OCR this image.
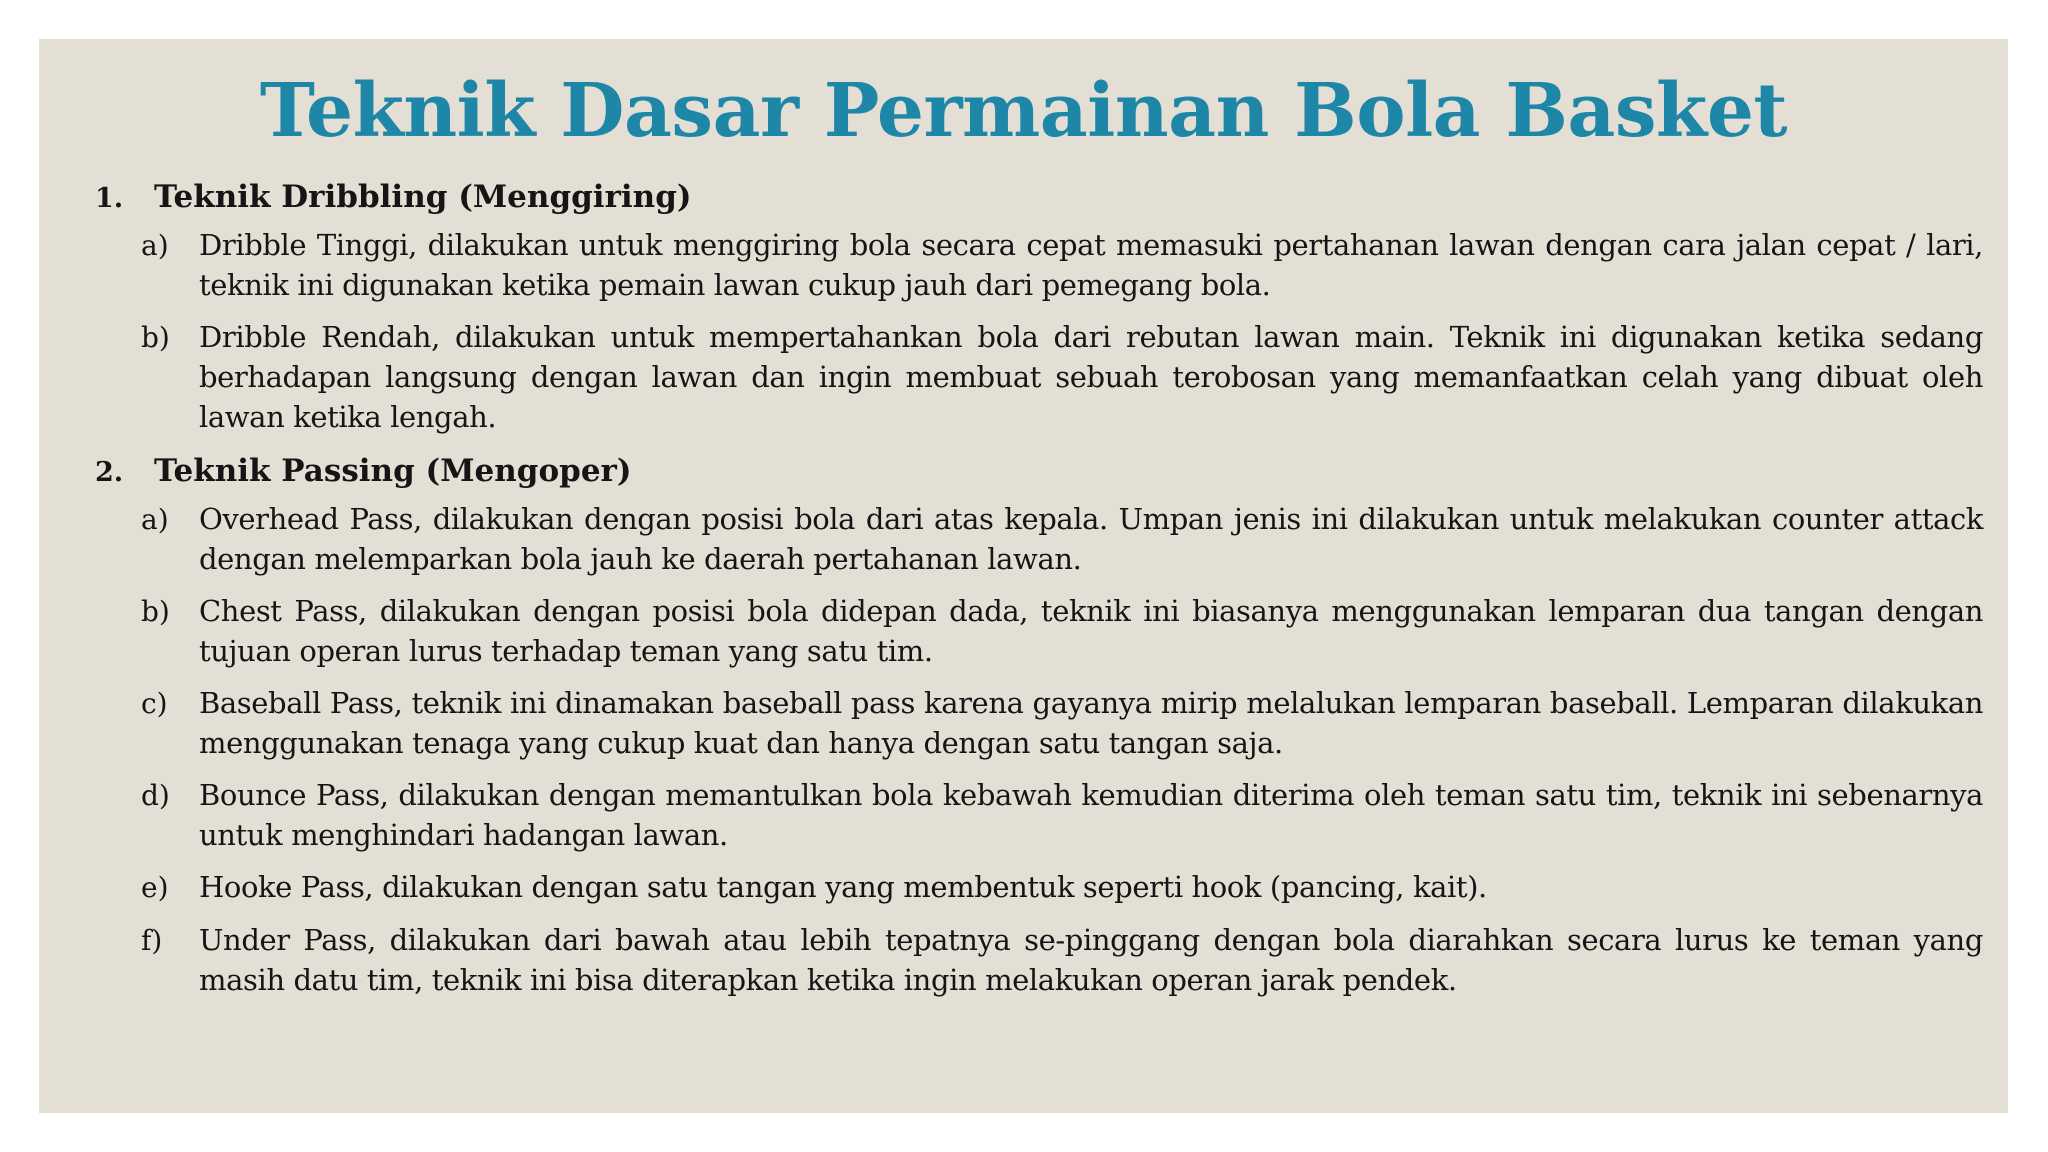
Teknik Dasar Permainan Bola Basket
1. Teknik Dribbling (Menggiring)
a)	Dribble Tinggi, dilakukan untuk menggiring bola secara cepat memasuki pertahanan lawan dengan cara jalan cepat / lari, teknik ini digunakan ketika pemain lawan cukup jauh dari pemegang bola.
b)	Dribble Rendah, dilakukan untuk mempertahankan bola dari rebutan lawan main. Teknik ini digunakan ketika sedang berhadapan langsung dengan lawan dan ingin membuat sebuah terobosan yang memanfaatkan celah yang dibuat oleh lawan ketika lengah.
2. Teknik Passing (Mengoper)
a)	Overhead Pass, dilakukan dengan posisi bola dari atas kepala. Umpan jenis ini dilakukan untuk melakukan counter attack dengan melemparkan bola jauh ke daerah pertahanan lawan.
b)	Chest Pass, dilakukan dengan posisi bola didepan dada, teknik ini biasanya menggunakan lemparan dua tangan dengan tujuan operan lurus terhadap teman yang satu tim.
c)	Baseball Pass, teknik ini dinamakan baseball pass karena gayanya mirip melalukan lemparan baseball. Lemparan dilakukan menggunakan tenaga yang cukup kuat dan hanya dengan satu tangan saja.
d)	Bounce Pass, dilakukan dengan memantulkan bola kebawah kemudian diterima oleh teman satu tim, teknik ini sebenarnya untuk menghindari hadangan lawan.
e)	Hooke Pass, dilakukan dengan satu tangan yang membentuk seperti hook (pancing, kait).
f)	Under Pass, dilakukan dari bawah atau lebih tepatnya se-pinggang dengan bola diarahkan secara lurus ke teman yang masih datu tim, teknik ini bisa diterapkan ketika ingin melakukan operan jarak pendek.
